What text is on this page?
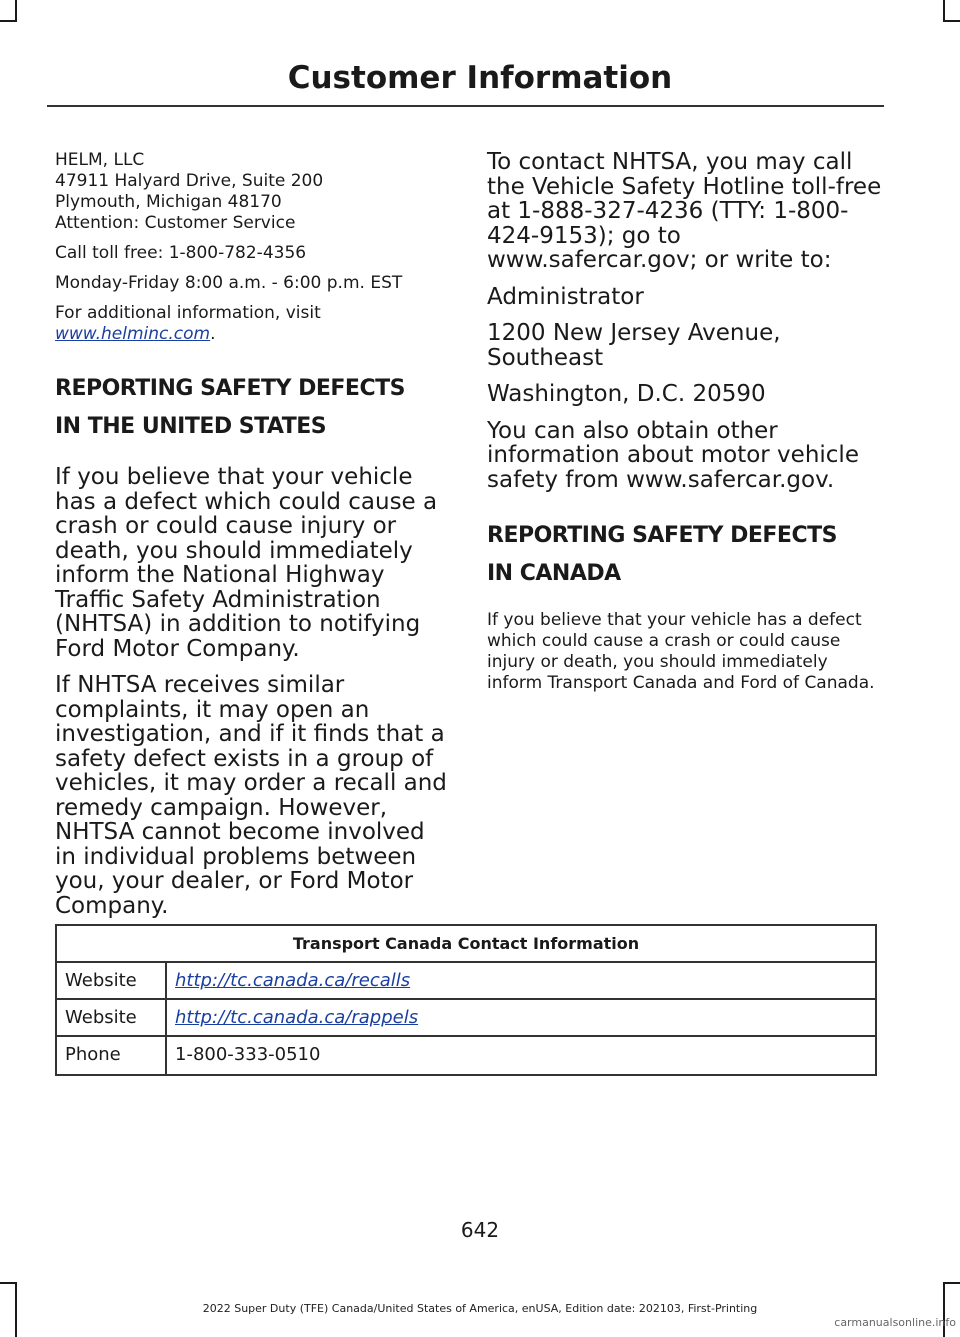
Customer Information

HELM, LLC
47911 Halyard Drive, Suite 200
Plymouth, Michigan 48170
Attention: Customer Service

Call toll free: 1-800-782-4356

Monday-Friday 8:00 a.m. - 6:00 p.m. EST

For additional information, visit
www.helminc.com.

REPORTING SAFETY DEFECTS
IN THE UNITED STATES

If you believe that your vehicle has a defect which could cause a crash or could cause injury or death, you should immediately inform the National Highway Traffic Safety Administration (NHTSA) in addition to notifying Ford Motor Company.

If NHTSA receives similar complaints, it may open an investigation, and if it finds that a safety defect exists in a group of vehicles, it may order a recall and remedy campaign. However, NHTSA cannot become involved in individual problems between you, your dealer, or Ford Motor Company.

To contact NHTSA, you may call the Vehicle Safety Hotline toll-free at 1-888-327-4236 (TTY: 1-800-424-9153); go to www.safercar.gov; or write to:

Administrator

1200 New Jersey Avenue, Southeast

Washington, D.C. 20590

You can also obtain other information about motor vehicle safety from www.safercar.gov.

REPORTING SAFETY DEFECTS
IN CANADA

If you believe that your vehicle has a defect which could cause a crash or could cause injury or death, you should immediately inform Transport Canada and Ford of Canada.

Transport Canada Contact Information
Website	http://tc.canada.ca/recalls
Website	http://tc.canada.ca/rappels
Phone	1-800-333-0510
642
2022 Super Duty (TFE) Canada/United States of America, enUSA, Edition date: 202103, First-Printing
carmanualsonline.info
